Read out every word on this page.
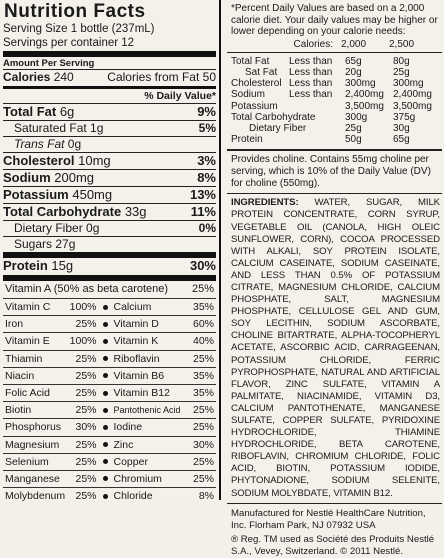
Nutrition Facts
Serving Size 1 bottle (237mL)
Servings per container 12
Amount Per Serving
Calories 240	Calories from Fat 50
% Daily Value*
Total Fat 6g	9%
Saturated Fat 1g	5%
Trans Fat 0g
Cholesterol 10mg	3%
Sodium 200mg	8%
Potassium 450mg	13%
Total Carbohydrate 33g	11%
Dietary Fiber 0g	0%
Sugars 27g
Protein 15g	30%
Vitamin A (50% as beta carotene) 25%
Vitamin C 100% Calcium	35%
Iron	25% Vitamin D	60%
Vitamin E 100% Vitamin K	40%
Thiamin	25% Riboflavin	25%
Niacin	25% Vitamin B6	35%
Folic Acid 25% Vitamin B12 35%
Biotin	25% Pantothenic Acid 25%
Phosphorus 30% Iodine	25%
Magnesium 25% Zinc	30%
Selenium	25% Copper	25%
Manganese 25% Chromium	25%
Molybdenum 25% Chloride	8%
*Percent Daily Values are based on a 2,000 calorie diet. Your daily values may be higher or lower depending on your calorie needs:
Calories: 2,000	2,500
Total Fat	Less than	65g	80g
Sat Fat	Less than	20g	25g
Cholesterol Less than	300mg	300mg
Sodium	Less than	2,400mg 2,400mg
Potassium	3,500mg 3,500mg
Total Carbohydrate	300g	375g
Dietary Fiber	25g	30g
Protein	50g	65g
Provides choline. Contains 55mg choline per serving, which is 10% of the Daily Value (DV) for choline (550mg).
INGREDIENTS: WATER, SUGAR, MILK PROTEIN CONCENTRATE, CORN SYRUP, VEGETABLE OIL (CANOLA, HIGH OLEIC SUNFLOWER, CORN), COCOA PROCESSED WITH ALKALI, SOY PROTEIN ISOLATE, CALCIUM CASEINATE, SODIUM CASEINATE, AND LESS THAN 0.5% OF POTASSIUM CITRATE, MAGNESIUM CHLORIDE, CALCIUM PHOSPHATE, SALT, MAGNESIUM PHOSPHATE, CELLULOSE GEL AND GUM, SOY LECITHIN, SODIUM ASCORBATE, CHOLINE BITARTRATE, ALPHA-TOCOPHERYL ACETATE, ASCORBIC ACID, CARRAGEENAN, POTASSIUM CHLORIDE, FERRIC PYROPHOSPHATE, NATURAL AND ARTIFICIAL FLAVOR, ZINC SULFATE, VITAMIN A PALMITATE, NIACINAMIDE, VITAMIN D3, CALCIUM PANTOTHENATE, MANGANESE SULFATE, COPPER SULFATE, PYRIDOXINE HYDROCHLORIDE, THIAMINE HYDROCHLORIDE, BETA CAROTENE, RIBOFLAVIN, CHROMIUM CHLORIDE, FOLIC ACID, BIOTIN, POTASSIUM IODIDE, PHYTONADIONE, SODIUM SELENITE, SODIUM MOLYBDATE, VITAMIN B12.
Manufactured for Nestlé HealthCare Nutrition, Inc. Florham Park, NJ 07932 USA
® Reg. TM used as Société des Produits Nestlé S.A., Vevey, Switzerland. © 2011 Nestlé.
